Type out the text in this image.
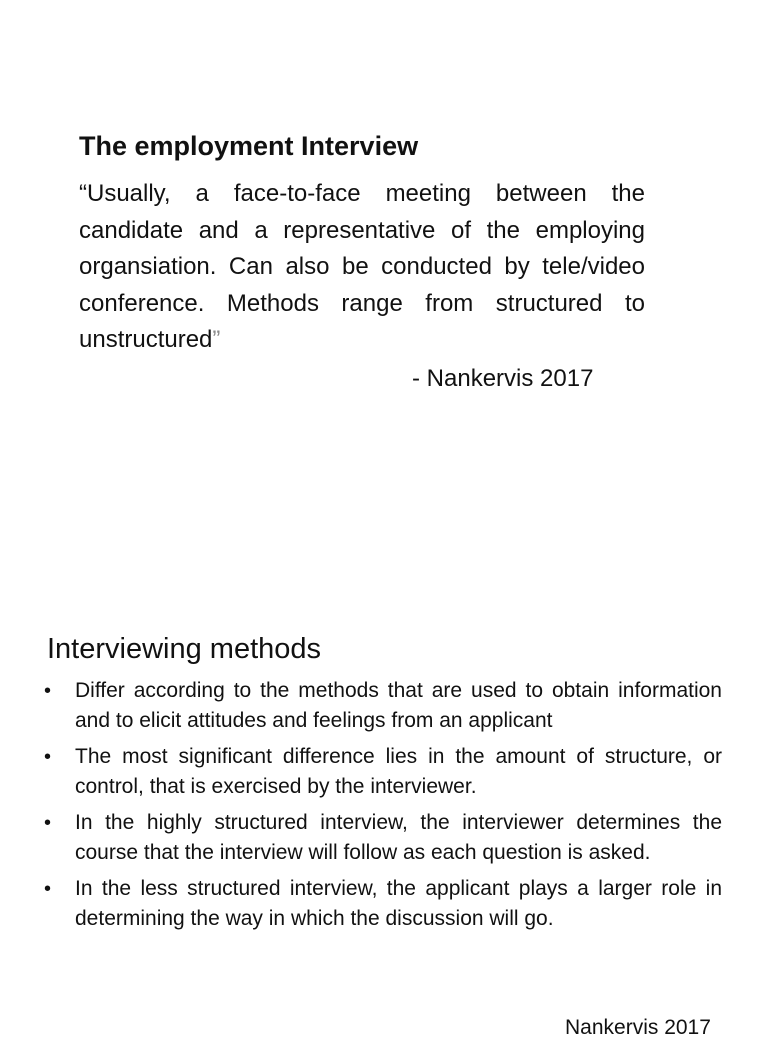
The employment Interview
“Usually, a face-to-face meeting between the candidate and a representative of the employing organsiation. Can also be conducted by tele/video conference. Methods range from structured to unstructured”
- Nankervis 2017
Interviewing methods
• Differ according to the methods that are used to obtain information and to elicit attitudes and feelings from an applicant
• The most significant difference lies in the amount of structure, or control, that is exercised by the interviewer.
• In the highly structured interview, the interviewer determines the course that the interview will follow as each question is asked.
• In the less structured interview, the applicant plays a larger role in determining the way in which the discussion will go.
Nankervis 2017
